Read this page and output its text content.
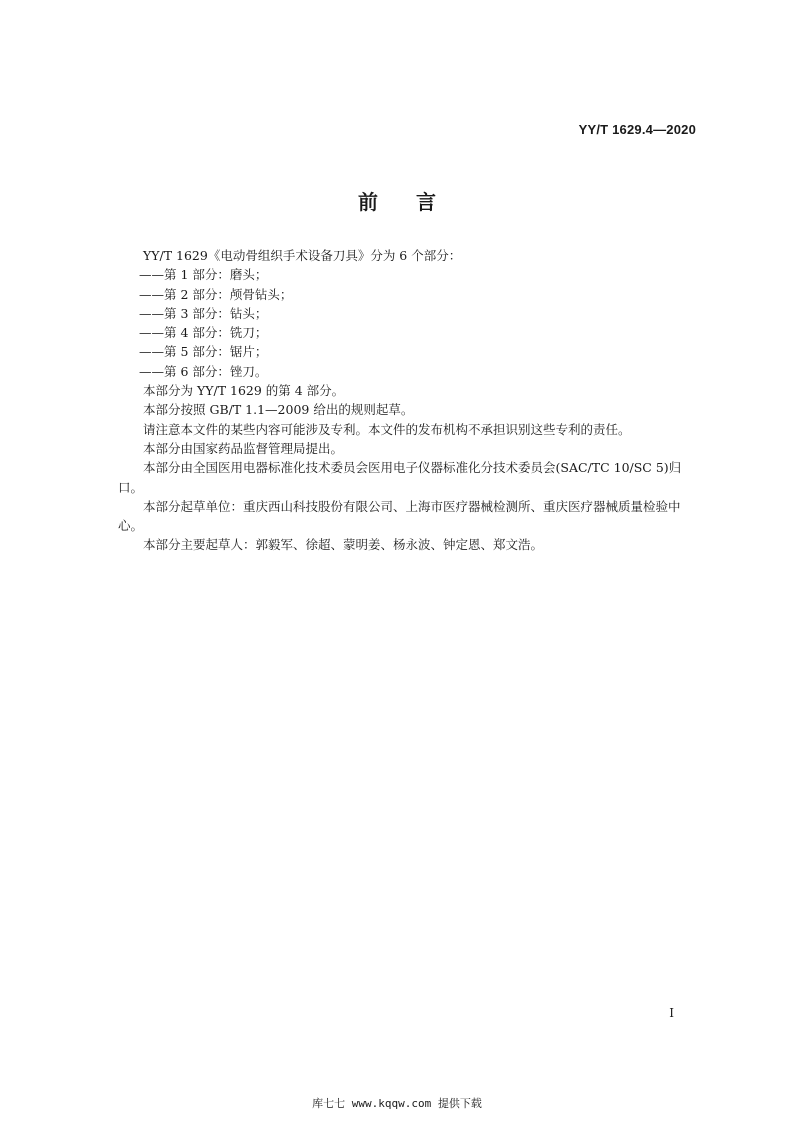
YY/T 1629.4—2020
前 言

YY/T 1629《电动骨组织手术设备刀具》分为 6 个部分：

——第 1 部分：磨头；

——第 2 部分：颅骨钻头；

——第 3 部分：钻头；

——第 4 部分：铣刀；

——第 5 部分：锯片；

——第 6 部分：锉刀。

本部分为 YY/T 1629 的第 4 部分。

本部分按照 GB/T 1.1—2009 给出的规则起草。

请注意本文件的某些内容可能涉及专利。本文件的发布机构不承担识别这些专利的责任。

本部分由国家药品监督管理局提出。

本部分由全国医用电器标准化技术委员会医用电子仪器标准化分技术委员会(SAC/TC 10/SC 5)归口。

本部分起草单位：重庆西山科技股份有限公司、上海市医疗器械检测所、重庆医疗器械质量检验中心。

本部分主要起草人：郭毅军、徐超、蒙明姜、杨永波、钟定恩、郑文浩。

I
库七七 www.kqqw.com 提供下载
